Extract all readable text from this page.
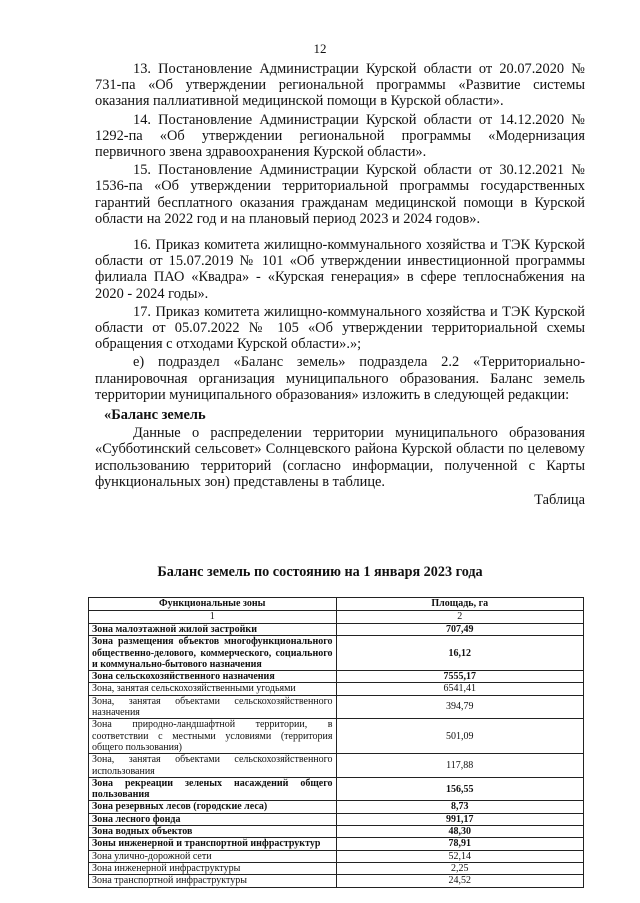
12

13. Постановление Администрации Курской области от 20.07.2020 № 731-па «Об утверждении региональной программы «Развитие системы оказания паллиативной медицинской помощи в Курской области».

14. Постановление Администрации Курской области от 14.12.2020 № 1292-па «Об утверждении региональной программы «Модернизация первичного звена здравоохранения Курской области».

15. Постановление Администрации Курской области от 30.12.2021 № 1536-па «Об утверждении территориальной программы государственных гарантий бесплатного оказания гражданам медицинской помощи в Курской области на 2022 год и на плановый период 2023 и 2024 годов».

16. Приказ комитета жилищно-коммунального хозяйства и ТЭК Курской области от 15.07.2019 № 101 «Об утверждении инвестиционной программы филиала ПАО «Квадра» - «Курская генерация» в сфере теплоснабжения на 2020 - 2024 годы».

17. Приказ комитета жилищно-коммунального хозяйства и ТЭК Курской области от 05.07.2022 № 105 «Об утверждении территориальной схемы обращения с отходами Курской области».»;

е) подраздел «Баланс земель» подраздела 2.2 «Территориально-планировочная организация муниципального образования. Баланс земель территории муниципального образования» изложить в следующей редакции:

«Баланс земель

Данные о распределении территории муниципального образования «Субботинский сельсовет» Солнцевского района Курской области по целевому использованию территорий (согласно информации, полученной с Карты функциональных зон) представлены в таблице.

Таблица

Баланс земель по состоянию на 1 января 2023 года
Функциональные зоны	Площадь, га
1	2
Зона малоэтажной жилой застройки	707,49
Зона размещения объектов многофункционального общественно-делового, коммерческого, социального и коммунально-бытового назначения	16,12
Зона сельскохозяйственного назначения	7555,17
Зона, занятая сельскохозяйственными угодьями	6541,41
Зона, занятая объектами сельскохозяйственного назначения	394,79
Зона природно-ландшафтной территории, в соответствии с местными условиями (территория общего пользования)	501,09
Зона, занятая объектами сельскохозяйственного использования	117,88
Зона рекреации зеленых насаждений общего пользования	156,55
Зона резервных лесов (городские леса)	8,73
Зона лесного фонда	991,17
Зона водных объектов	48,30
Зоны инженерной и транспортной инфраструктур	78,91
Зона улично-дорожной сети	52,14
Зона инженерной инфраструктуры	2,25
Зона транспортной инфраструктуры	24,52
